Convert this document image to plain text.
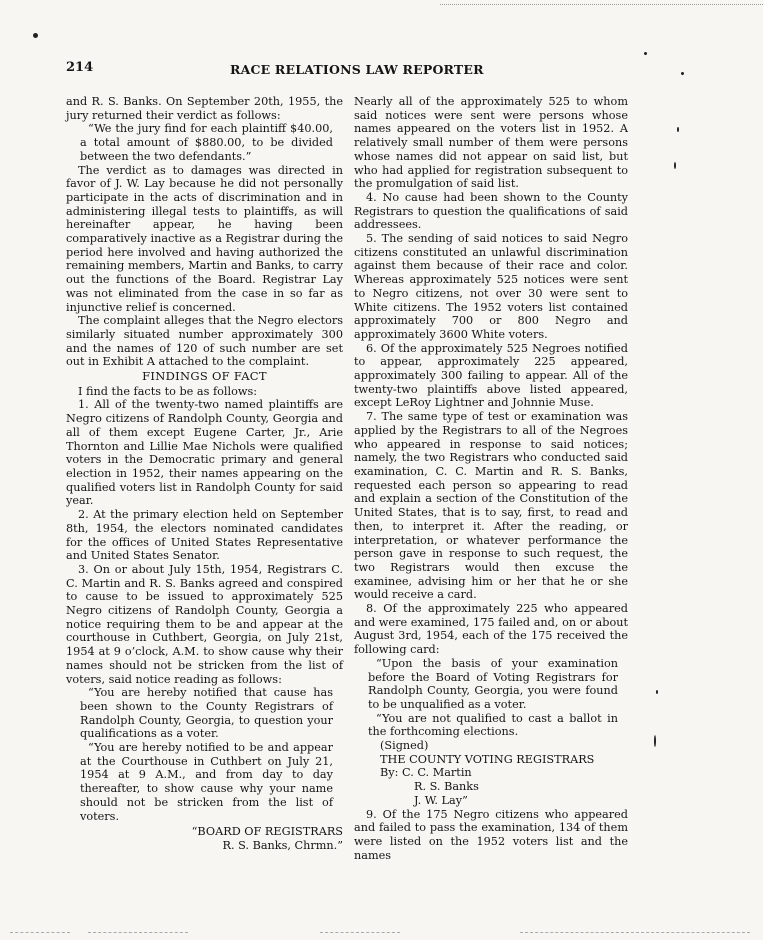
214	RACE RELATIONS LAW REPORTER

and R. S. Banks. On September 20th, 1955, the jury returned their verdict as follows:

“We the jury find for each plaintiff $40.00, a total amount of $880.00, to be divided between the two defendants.”

The verdict as to damages was directed in favor of J. W. Lay because he did not personally participate in the acts of discrimination and in administering illegal tests to plaintiffs, as will hereinafter appear, he having been comparatively inactive as a Registrar during the period here involved and having authorized the remaining members, Martin and Banks, to carry out the functions of the Board. Registrar Lay was not eliminated from the case in so far as injunctive relief is concerned.

The complaint alleges that the Negro electors similarly situated number approximately 300 and the names of 120 of such number are set out in Exhibit A attached to the complaint.

FINDINGS OF FACT

I find the facts to be as follows:

1. All of the twenty-two named plaintiffs are Negro citizens of Randolph County, Georgia and all of them except Eugene Carter, Jr., Arie Thornton and Lillie Mae Nichols were qualified voters in the Democratic primary and general election in 1952, their names appearing on the qualified voters list in Randolph County for said year.

2. At the primary election held on September 8th, 1954, the electors nominated candidates for the offices of United States Representative and United States Senator.

3. On or about July 15th, 1954, Registrars C. C. Martin and R. S. Banks agreed and conspired to cause to be issued to approximately 525 Negro citizens of Randolph County, Georgia a notice requiring them to be and appear at the courthouse in Cuthbert, Georgia, on July 21st, 1954 at 9 o’clock, A.M. to show cause why their names should not be stricken from the list of voters, said notice reading as follows:

“You are hereby notified that cause has been shown to the County Registrars of Randolph County, Georgia, to question your qualifications as a voter.

“You are hereby notified to be and appear at the Courthouse in Cuthbert on July 21, 1954 at 9 A.M., and from day to day thereafter, to show cause why your name should not be stricken from the list of voters.

“BOARD OF REGISTRARS

R. S. Banks, Chrmn.”

Nearly all of the approximately 525 to whom said notices were sent were persons whose names appeared on the voters list in 1952. A relatively small number of them were persons whose names did not appear on said list, but who had applied for registration subsequent to the promulgation of said list.

4. No cause had been shown to the County Registrars to question the qualifications of said addressees.

5. The sending of said notices to said Negro citizens constituted an unlawful discrimination against them because of their race and color. Whereas approximately 525 notices were sent to Negro citizens, not over 30 were sent to White citizens. The 1952 voters list contained approximately 700 or 800 Negro and approximately 3600 White voters.

6. Of the approximately 525 Negroes notified to appear, approximately 225 appeared, approximately 300 failing to appear. All of the twenty-two plaintiffs above listed appeared, except LeRoy Lightner and Johnnie Muse.

7. The same type of test or examination was applied by the Registrars to all of the Negroes who appeared in response to said notices; namely, the two Registrars who conducted said examination, C. C. Martin and R. S. Banks, requested each person so appearing to read and explain a section of the Constitution of the United States, that is to say, first, to read and then, to interpret it. After the reading, or interpretation, or whatever performance the person gave in response to such request, the two Registrars would then excuse the examinee, advising him or her that he or she would receive a card.

8. Of the approximately 225 who appeared and were examined, 175 failed and, on or about August 3rd, 1954, each of the 175 received the following card:

“Upon the basis of your examination before the Board of Voting Registrars for Randolph County, Georgia, you were found to be unqualified as a voter.

“You are not qualified to cast a ballot in the forthcoming elections.

(Signed)

THE COUNTY VOTING REGISTRARS

By: C. C. Martin

R. S. Banks

J. W. Lay”

9. Of the 175 Negro citizens who appeared and failed to pass the examination, 134 of them were listed on the 1952 voters list and the names
